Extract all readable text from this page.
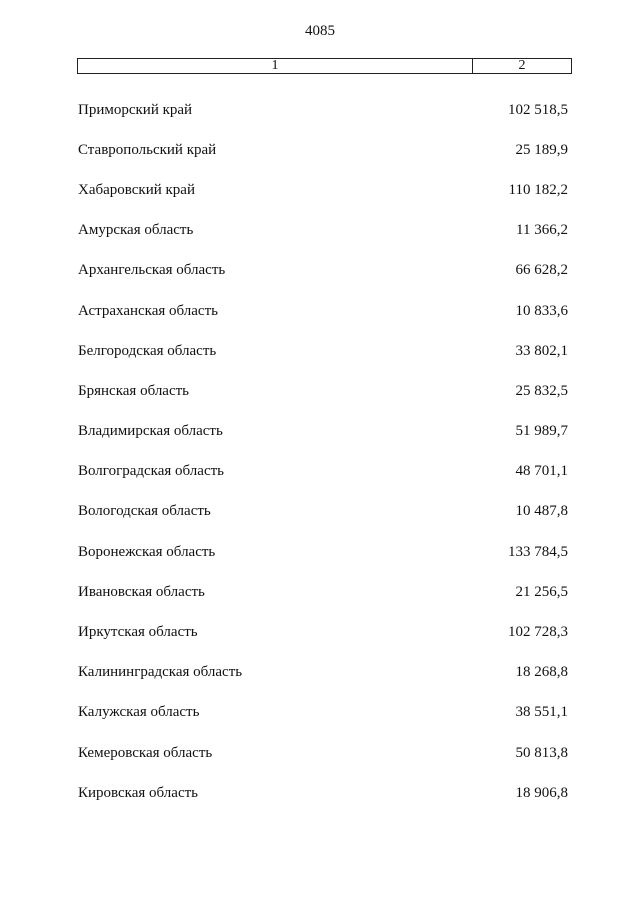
4085
1	2
Приморский край	102 518,5
Ставропольский край	25 189,9
Хабаровский край	110 182,2
Амурская область	11 366,2
Архангельская область	66 628,2
Астраханская область	10 833,6
Белгородская область	33 802,1
Брянская область	25 832,5
Владимирская область	51 989,7
Волгоградская область	48 701,1
Вологодская область	10 487,8
Воронежская область	133 784,5
Ивановская область	21 256,5
Иркутская область	102 728,3
Калининградская область	18 268,8
Калужская область	38 551,1
Кемеровская область	50 813,8
Кировская область	18 906,8
